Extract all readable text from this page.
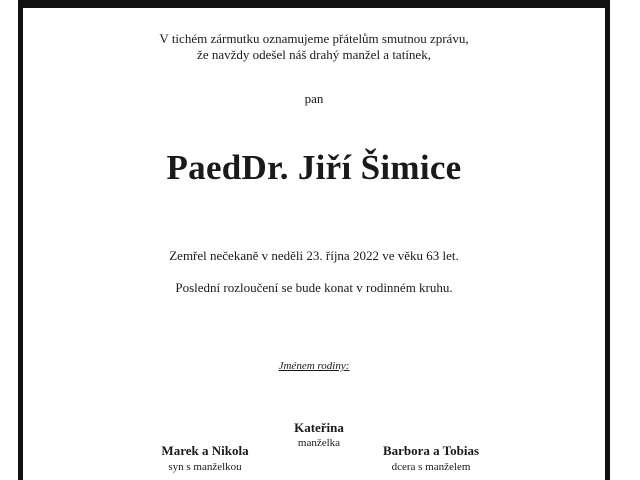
V tichém zármutku oznamujeme přátelům smutnou zprávu,
že navždy odešel náš drahý manžel a tatínek,
pan
PaedDr. Jiří Šimice
Zemřel nečekaně v neděli 23. října 2022 ve věku 63 let.
Poslední rozloučení se bude konat v rodinném kruhu.
Jménem rodiny:
Kateřina
manželka
Marek a Nikola
syn s manželkou
Barbora a Tobias
dcera s manželem
